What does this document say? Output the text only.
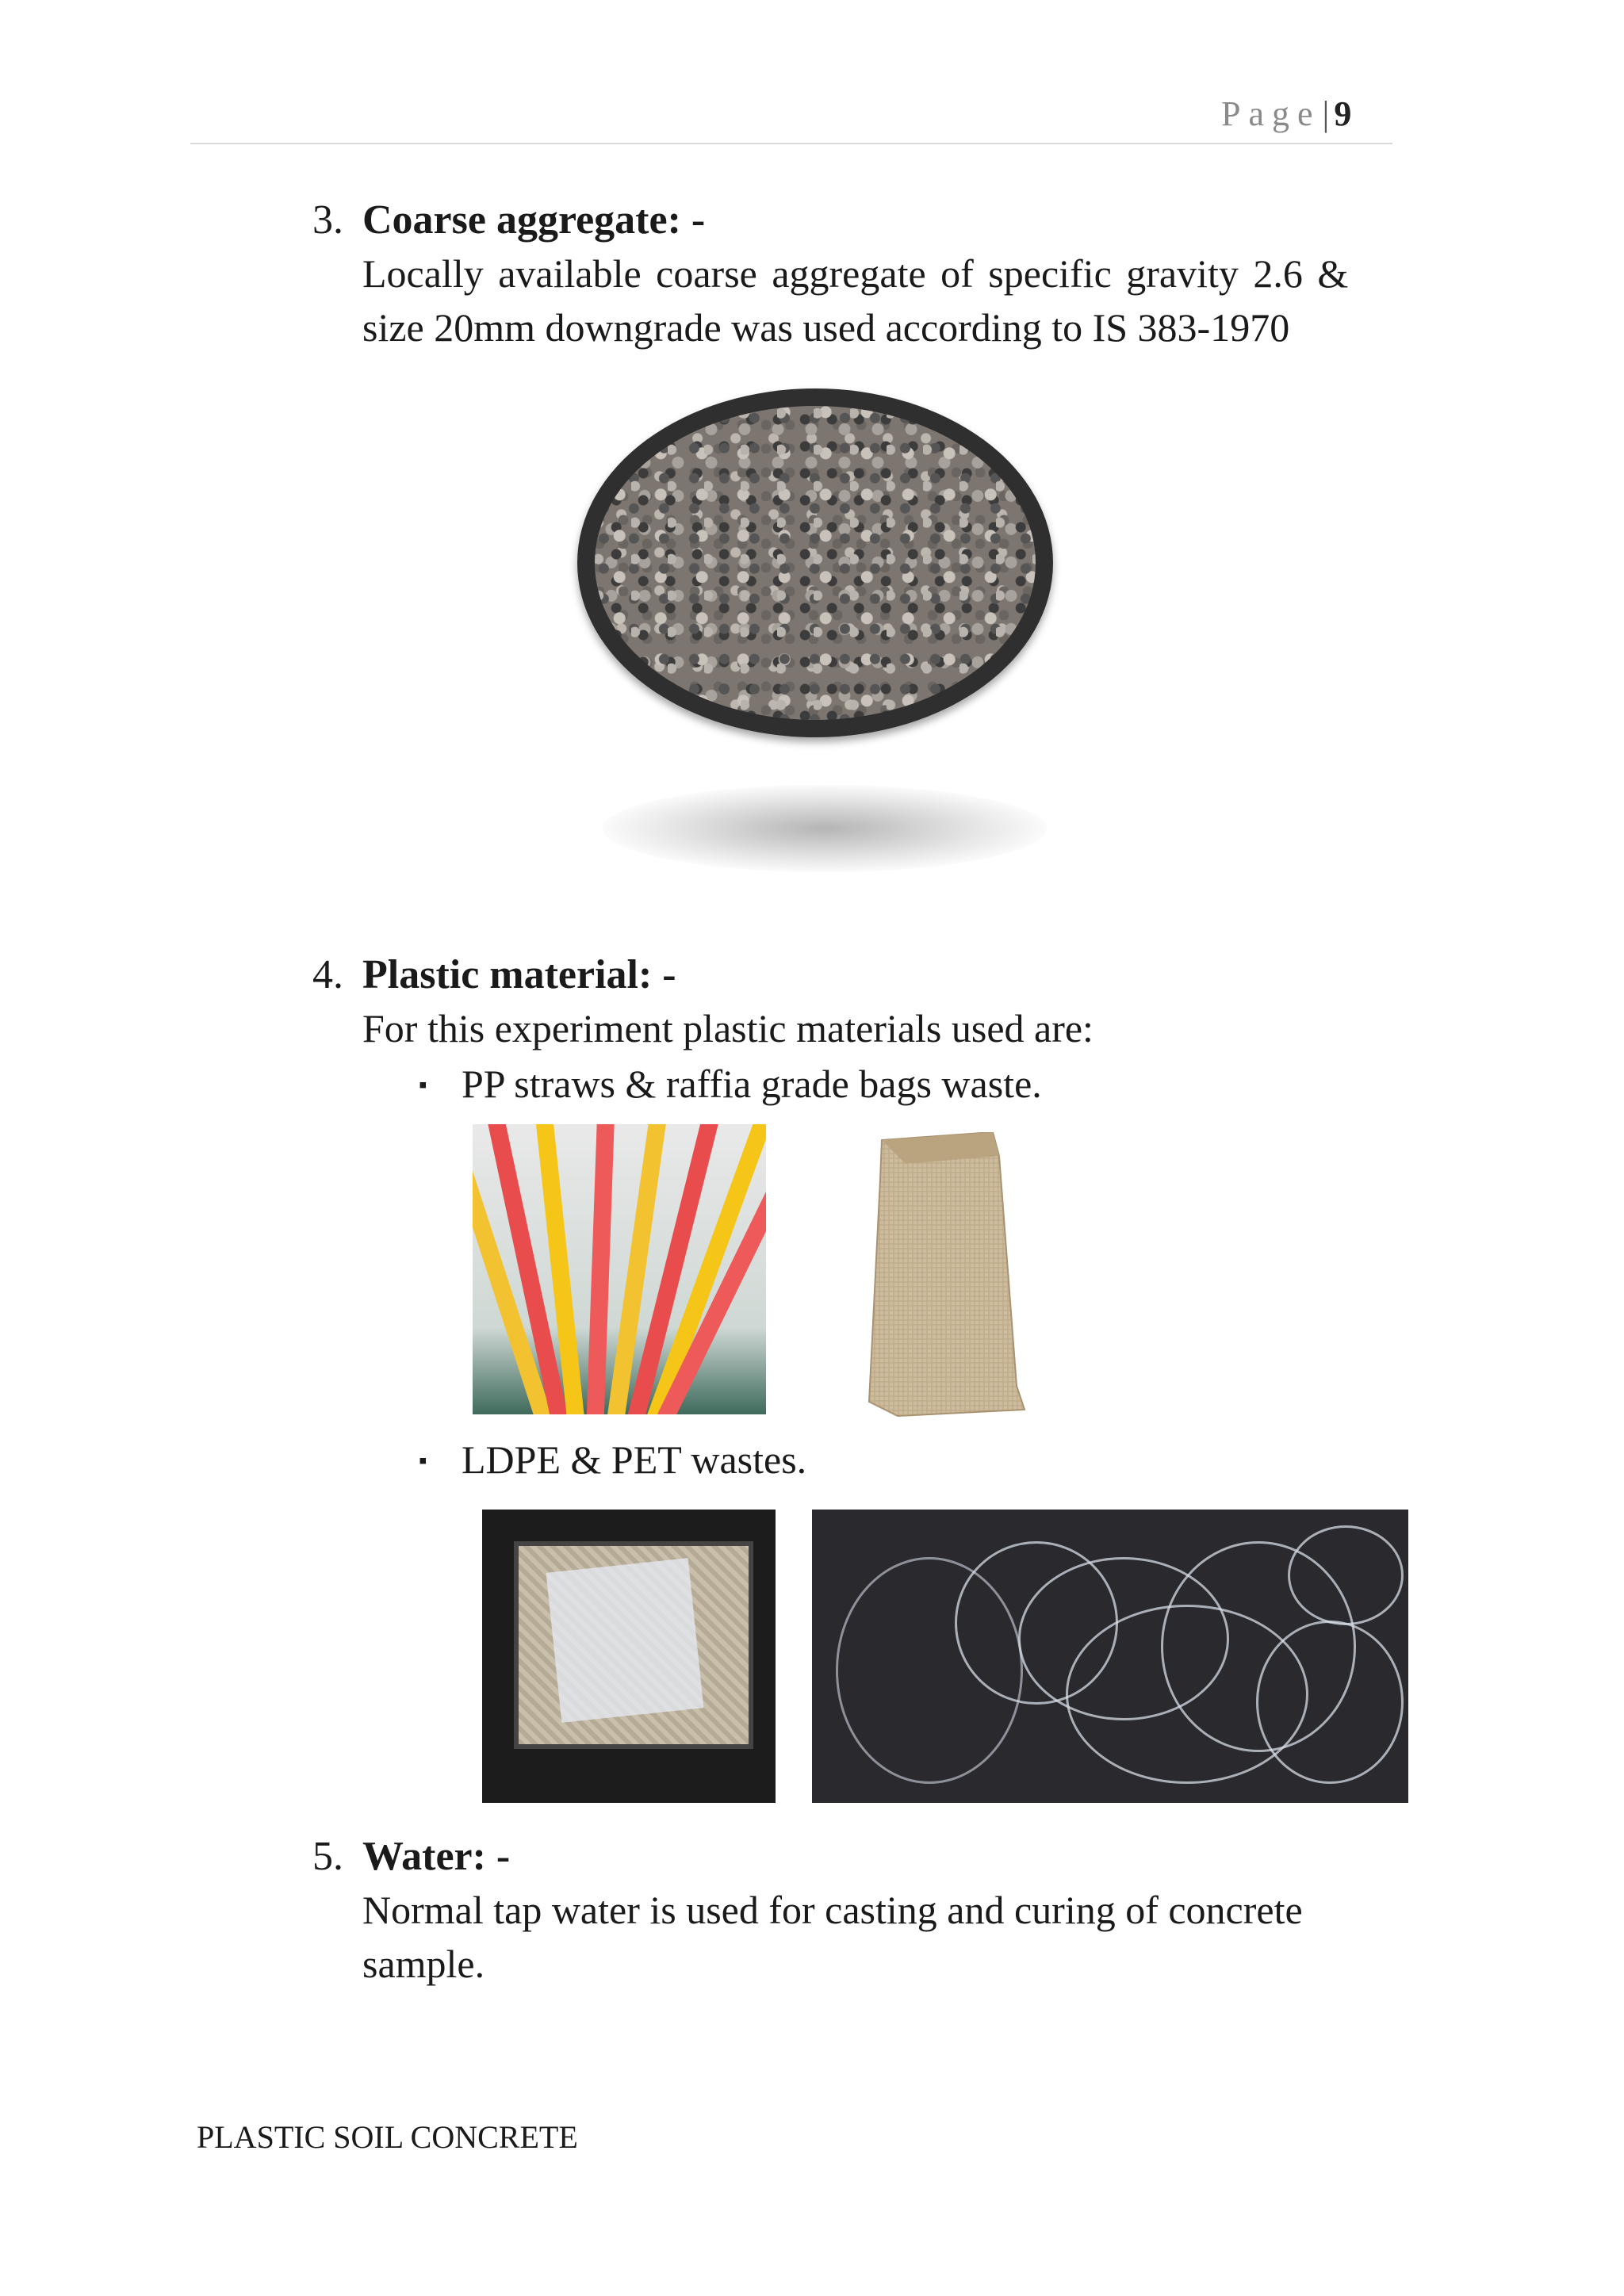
Page| 9
3. Coarse aggregate: -
Locally available coarse aggregate of specific gravity 2.6 &
size 20mm downgrade was used according to IS 383-1970
4. Plastic material: -
For this experiment plastic materials used are:
▪ PP straws & raffia grade bags waste.
▪ LDPE & PET wastes.
5. Water: -
Normal tap water is used for casting and curing of concrete
sample.
PLASTIC SOIL CONCRETE
